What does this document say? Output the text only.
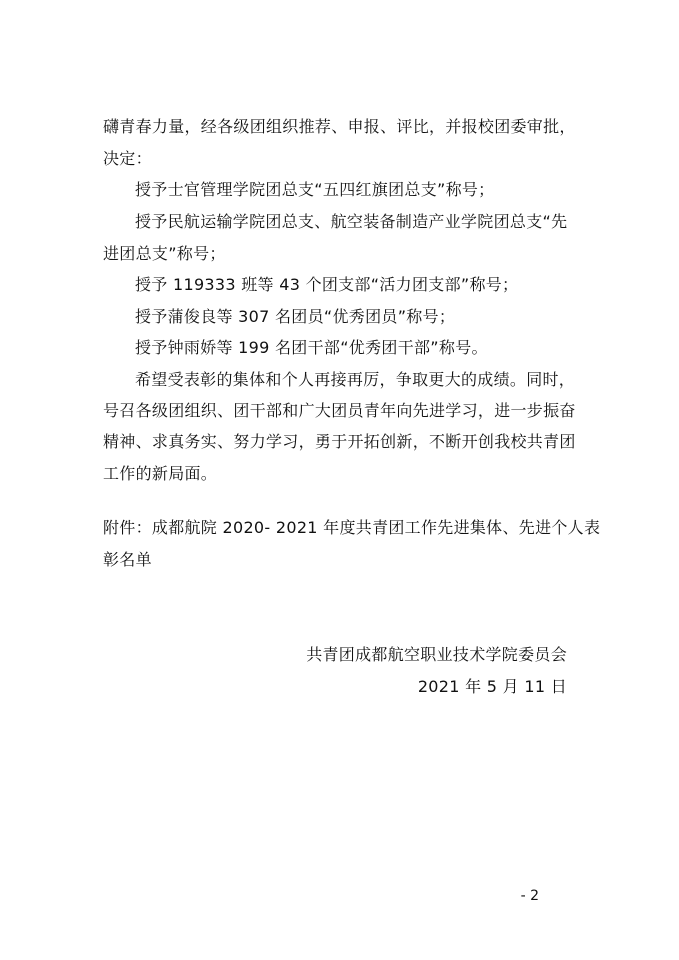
礴青春力量，经各级团组织推荐、申报、评比，并报校团委审批，
决定：
授予士官管理学院团总支“五四红旗团总支”称号；
授予民航运输学院团总支、航空装备制造产业学院团总支“先
进团总支”称号；
授予 119333 班等 43 个团支部“活力团支部”称号；
授予蒲俊良等 307 名团员“优秀团员”称号；
授予钟雨娇等 199 名团干部“优秀团干部”称号。
希望受表彰的集体和个人再接再厉，争取更大的成绩。同时，
号召各级团组织、团干部和广大团员青年向先进学习，进一步振奋
精神、求真务实、努力学习，勇于开拓创新，不断开创我校共青团
工作的新局面。
附件：成都航院 2020- 2021 年度共青团工作先进集体、先进个人表
彰名单
共青团成都航空职业技术学院委员会
2021 年 5 月 11 日
- 2
